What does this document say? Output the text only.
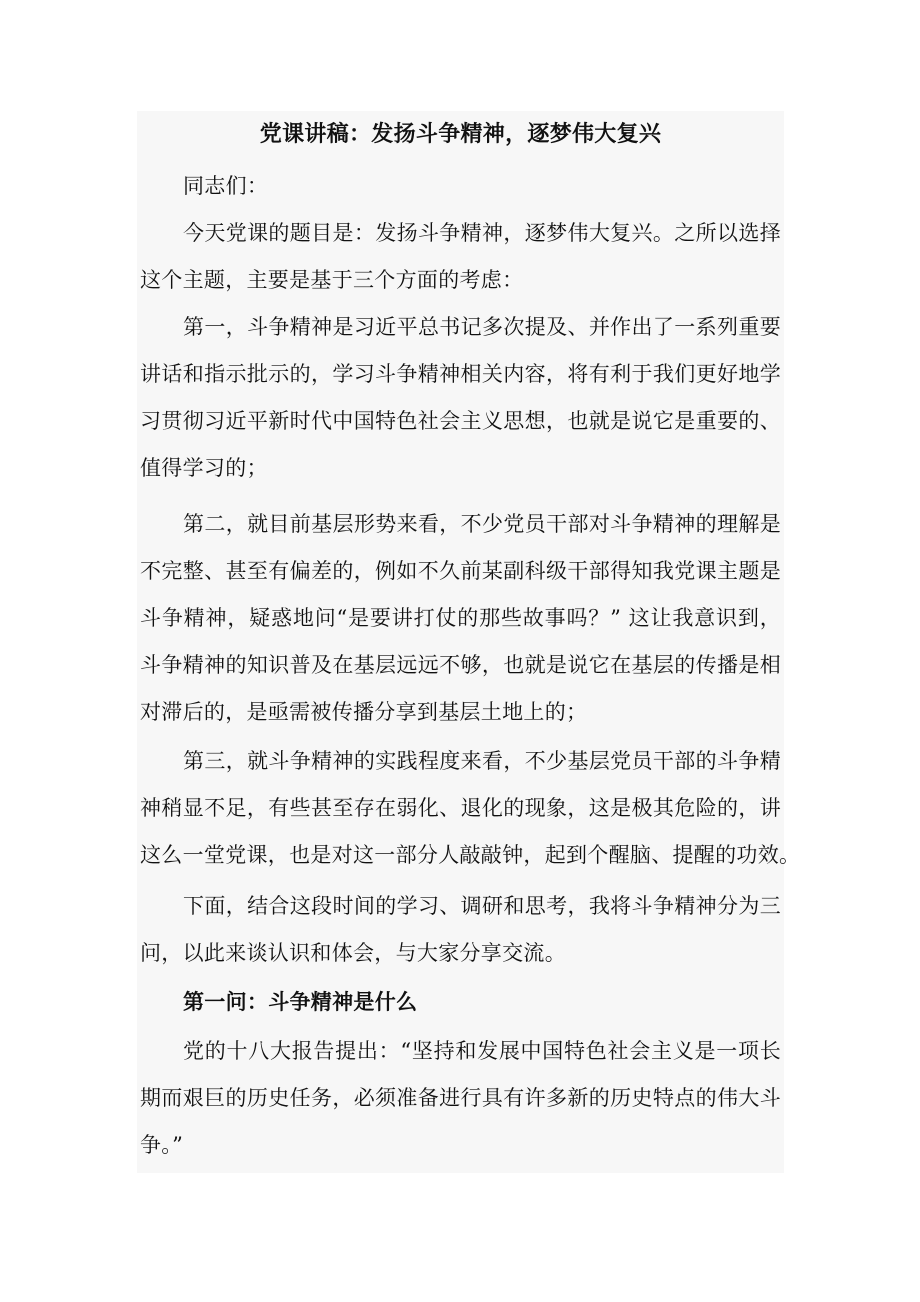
党课讲稿：发扬斗争精神，逐梦伟大复兴
同志们：
今天党课的题目是：发扬斗争精神，逐梦伟大复兴。之所以选择
这个主题，主要是基于三个方面的考虑：
第一，斗争精神是习近平总书记多次提及、并作出了一系列重要
讲话和指示批示的，学习斗争精神相关内容，将有利于我们更好地学
习贯彻习近平新时代中国特色社会主义思想，也就是说它是重要的、
值得学习的；
第二，就目前基层形势来看，不少党员干部对斗争精神的理解是
不完整、甚至有偏差的，例如不久前某副科级干部得知我党课主题是
斗争精神，疑惑地问“是要讲打仗的那些故事吗？” 这让我意识到，
斗争精神的知识普及在基层远远不够，也就是说它在基层的传播是相
对滞后的，是亟需被传播分享到基层土地上的；
第三，就斗争精神的实践程度来看，不少基层党员干部的斗争精
神稍显不足，有些甚至存在弱化、退化的现象，这是极其危险的，讲
这么一堂党课，也是对这一部分人敲敲钟，起到个醒脑、提醒的功效。
下面，结合这段时间的学习、调研和思考，我将斗争精神分为三
问，以此来谈认识和体会，与大家分享交流。
第一问：斗争精神是什么
党的十八大报告提出：“坚持和发展中国特色社会主义是一项长
期而艰巨的历史任务，必须准备进行具有许多新的历史特点的伟大斗
争。”
